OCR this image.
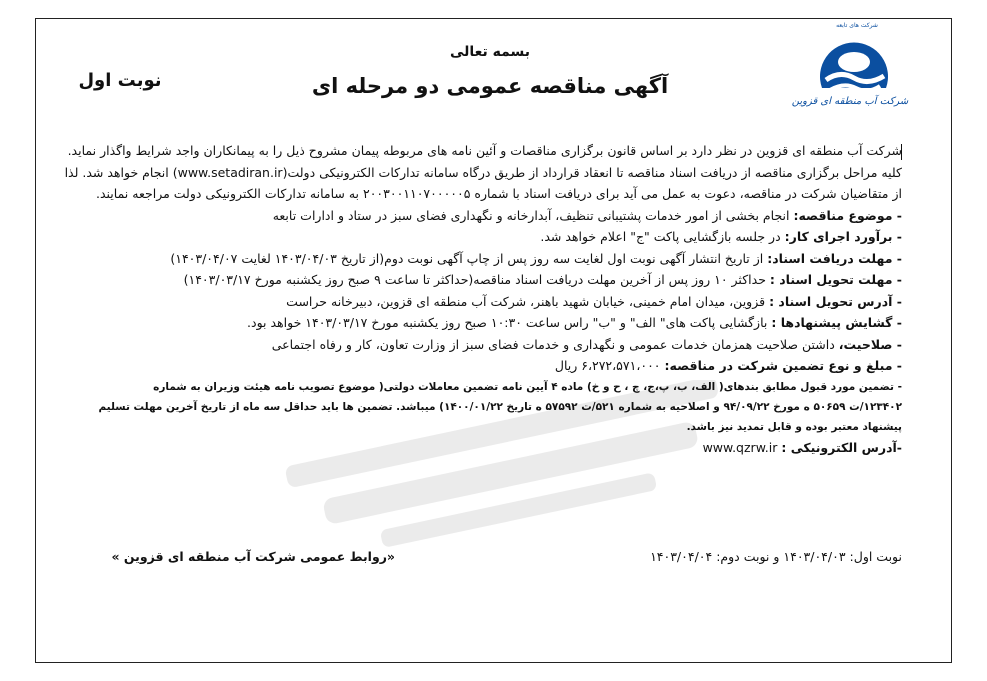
شرکت های تابعه
شرکت آب منطقه ای قزوین
بسمه تعالی
آگهی مناقصه عمومی دو مرحله ای
نوبت اول
شرکت آب منطقه ای قزوین در نظر دارد بر اساس قانون برگزاری مناقصات و آئین نامه های مربوطه پیمان مشروح ذیل را به پیمانکاران واجد شرایط واگذار نماید.
کلیه مراحل برگزاری مناقصه از دریافت اسناد مناقصه تا انعقاد قرارداد از طریق درگاه سامانه تدارکات الکترونیکی دولت(www.setadiran.ir) انجام خواهد شد. لذا
از متقاضیان شرکت در مناقصه، دعوت به عمل می آید برای دریافت اسناد با شماره ۲۰۰۳۰۰۱۱۰۷۰۰۰۰۰۵ به سامانه تدارکات الکترونیکی دولت مراجعه نمایند.
- موضوع مناقصه: انجام بخشی از امور خدمات پشتیبانی تنظیف، آبدارخانه و نگهداری فضای سبز در ستاد و ادارات تابعه
- برآورد اجرای کار: در جلسه بازگشایی پاکت "ج" اعلام خواهد شد.
- مهلت دریافت اسناد: از تاریخ انتشار آگهی نوبت اول لغایت سه روز پس از چاپ آگهی نوبت دوم(از تاریخ ۱۴۰۳/۰۴/۰۳ لغایت ۱۴۰۳/۰۴/۰۷)
- مهلت تحویل اسناد : حداکثر ۱۰ روز پس از آخرین مهلت دریافت اسناد مناقصه(حداکثر تا ساعت ۹ صبح روز یکشنبه مورخ ۱۴۰۳/۰۳/۱۷)
- آدرس تحویل اسناد : قزوین، میدان امام خمینی، خیابان شهید باهنر، شرکت آب منطقه ای قزوین، دبیرخانه حراست
- گشایش پیشنهادها : بازگشایی پاکت های" الف" و "ب" راس ساعت ۱۰:۳۰ صبح روز یکشنبه مورخ ۱۴۰۳/۰۳/۱۷ خواهد بود.
- صلاحیت، داشتن صلاحیت همزمان خدمات عمومی و نگهداری و خدمات فضای سبز از وزارت تعاون، کار و رفاه اجتماعی
- مبلغ و نوع تضمین شرکت در مناقصه: ۶،۲۷۲،۵۷۱،۰۰۰ ریال
- تضمین مورد قبول مطابق بندهای( الف، ب، پ،ج، چ ، ح و خ) ماده ۴ آیین نامه تضمین معاملات دولتی( موضوع تصویب نامه هیئت وزیران به شماره
۱۲۳۴۰۲/ت ۵۰۶۵۹ ه مورخ ۹۴/۰۹/۲۲ و اصلاحیه به شماره ۵۲۱/ت ۵۷۵۹۲ ه تاریخ ۱۴۰۰/۰۱/۲۲) میباشد. تضمین ها باید حداقل سه ماه از تاریخ آخرین مهلت تسلیم
پیشنهاد معتبر بوده و قابل تمدید نیز باشد.
-آدرس الکترونیکی : www.qzrw.ir
نوبت اول: ۱۴۰۳/۰۴/۰۳ و نوبت دوم: ۱۴۰۳/۰۴/۰۴
«روابط عمومی شرکت آب منطقه ای قزوین »
